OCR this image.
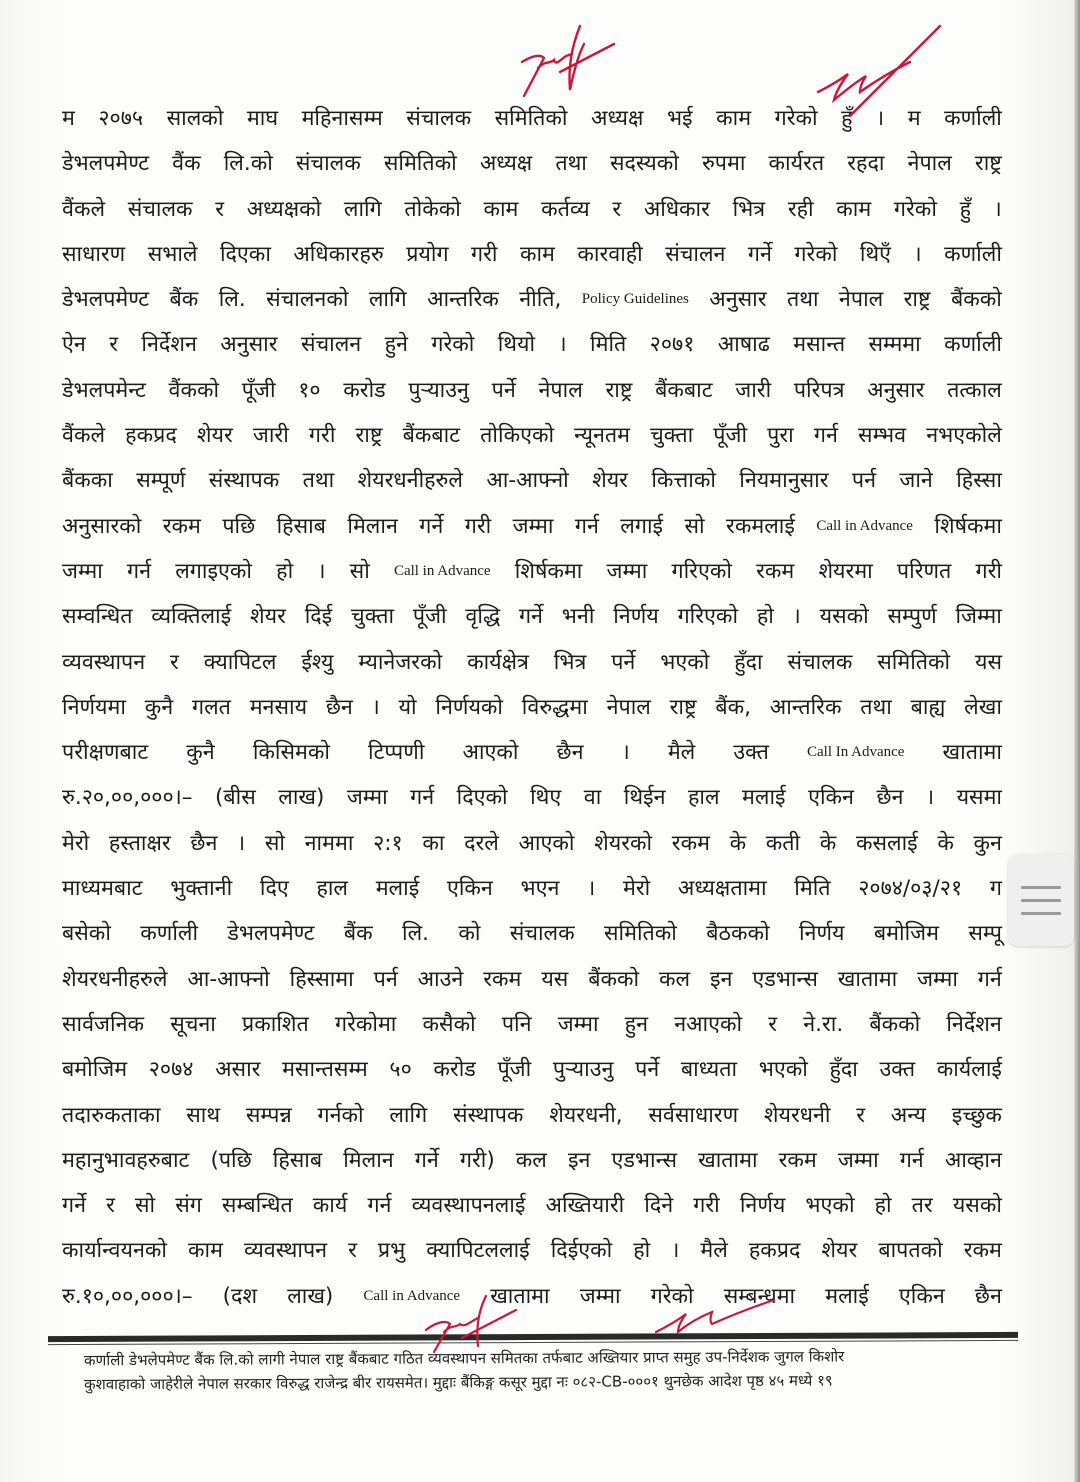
म २०७५ सालको माघ महिनासम्म संचालक समितिको अध्यक्ष भई काम गरेको हुँ । म कर्णाली
डेभलपमेण्ट वैंक लि.को संचालक समितिको अध्यक्ष तथा सदस्यको रुपमा कार्यरत रहदा नेपाल राष्ट्र
वैंकले संचालक र अध्यक्षको लागि तोकेको काम कर्तव्य र अधिकार भित्र रही काम गरेको हुँ ।
साधारण सभाले दिएका अधिकारहरु प्रयोग गरी काम कारवाही संचालन गर्ने गरेको थिएँ । कर्णाली
डेभलपमेण्ट बैंक लि. संचालनको लागि आन्तरिक नीति, Policy Guidelines अनुसार तथा नेपाल राष्ट्र बैंकको
ऐन र निर्देशन अनुसार संचालन हुने गरेको थियो । मिति २०७१ आषाढ मसान्त सम्ममा कर्णाली
डेभलपमेन्ट वैंकको पूँजी १० करोड पुऱ्याउनु पर्ने नेपाल राष्ट्र बैंकबाट जारी परिपत्र अनुसार तत्काल
वैंकले हकप्रद शेयर जारी गरी राष्ट्र बैंकबाट तोकिएको न्यूनतम चुक्ता पूँजी पुरा गर्न सम्भव नभएकोले
बैंकका सम्पूर्ण संस्थापक तथा शेयरधनीहरुले आ-आफ्नो शेयर कित्ताको नियमानुसार पर्न जाने हिस्सा
अनुसारको रकम पछि हिसाब मिलान गर्ने गरी जम्मा गर्न लगाई सो रकमलाई Call in Advance शिर्षकमा
जम्मा गर्न लगाइएको हो । सो Call in Advance शिर्षकमा जम्मा गरिएको रकम शेयरमा परिणत गरी
सम्वन्धित व्यक्तिलाई शेयर दिई चुक्ता पूँजी वृद्धि गर्ने भनी निर्णय गरिएको हो । यसको सम्पुर्ण जिम्मा
व्यवस्थापन र क्यापिटल ईश्यु म्यानेजरको कार्यक्षेत्र भित्र पर्ने भएको हुँदा संचालक समितिको यस
निर्णयमा कुनै गलत मनसाय छैन । यो निर्णयको विरुद्धमा नेपाल राष्ट्र बैंक, आन्तरिक तथा बाह्य लेखा
परीक्षणबाट कुनै किसिमको टिप्पणी आएको छैन । मैले उक्त	Call In Advance खातामा
रु.२०,००,०००।– (बीस लाख) जम्मा गर्न दिएको थिए वा थिईन हाल मलाई एकिन छैन । यसमा
मेरो हस्ताक्षर छैन । सो नाममा २:१ का दरले आएको शेयरको रकम के कती के कसलाई के कुन
माध्यमबाट भुक्तानी दिए हाल मलाई एकिन भएन । मेरो अध्यक्षतामा मिति २०७४/०३/२१ ग
बसेको कर्णाली डेभलपमेण्ट बैंक लि. को संचालक समितिको बैठकको निर्णय बमोजिम सम्पू
शेयरधनीहरुले आ-आफ्नो हिस्सामा पर्न आउने रकम यस बैंकको कल इन एडभान्स खातामा जम्मा गर्न
सार्वजनिक सूचना प्रकाशित गरेकोमा कसैको पनि जम्मा हुन नआएको र ने.रा. बैंकको निर्देशन
बमोजिम २०७४ असार मसान्तसम्म ५० करोड पूँजी पुऱ्याउनु पर्ने बाध्यता भएको हुँदा उक्त कार्यलाई
तदारुकताका साथ सम्पन्न गर्नको लागि संस्थापक शेयरधनी, सर्वसाधारण शेयरधनी र अन्य इच्छुक
महानुभावहरुबाट (पछि हिसाब मिलान गर्ने गरी) कल इन एडभान्स खातामा रकम जम्मा गर्न आव्हान
गर्ने र सो संग सम्बन्धित कार्य गर्न व्यवस्थापनलाई अख्तियारी दिने गरी निर्णय भएको हो तर यसको
कार्यान्वयनको काम व्यवस्थापन र प्रभु क्यापिटललाई दिईएको हो । मैले हकप्रद शेयर बापतको रकम
रु.१०,००,०००।– (दश लाख) Call in Advance खातामा जम्मा गरेको सम्बन्धमा मलाई एकिन छैन
कर्णाली डेभलेपमेण्ट बैंक लि.को लागी नेपाल राष्ट्र बैंकबाट गठित व्यवस्थापन समितका तर्फबाट अख्तियार प्राप्त समुह उप-निर्देशक जुगल किशोर
कुशवाहाको जाहेरीले नेपाल सरकार विरुद्ध राजेन्द्र बीर रायसमेत। मुद्दाः बैंकिङ्ग कसूर मुद्दा नः ०८२-CB-०००१ थुनछेक आदेश पृष्ठ ४५ मध्ये १९
